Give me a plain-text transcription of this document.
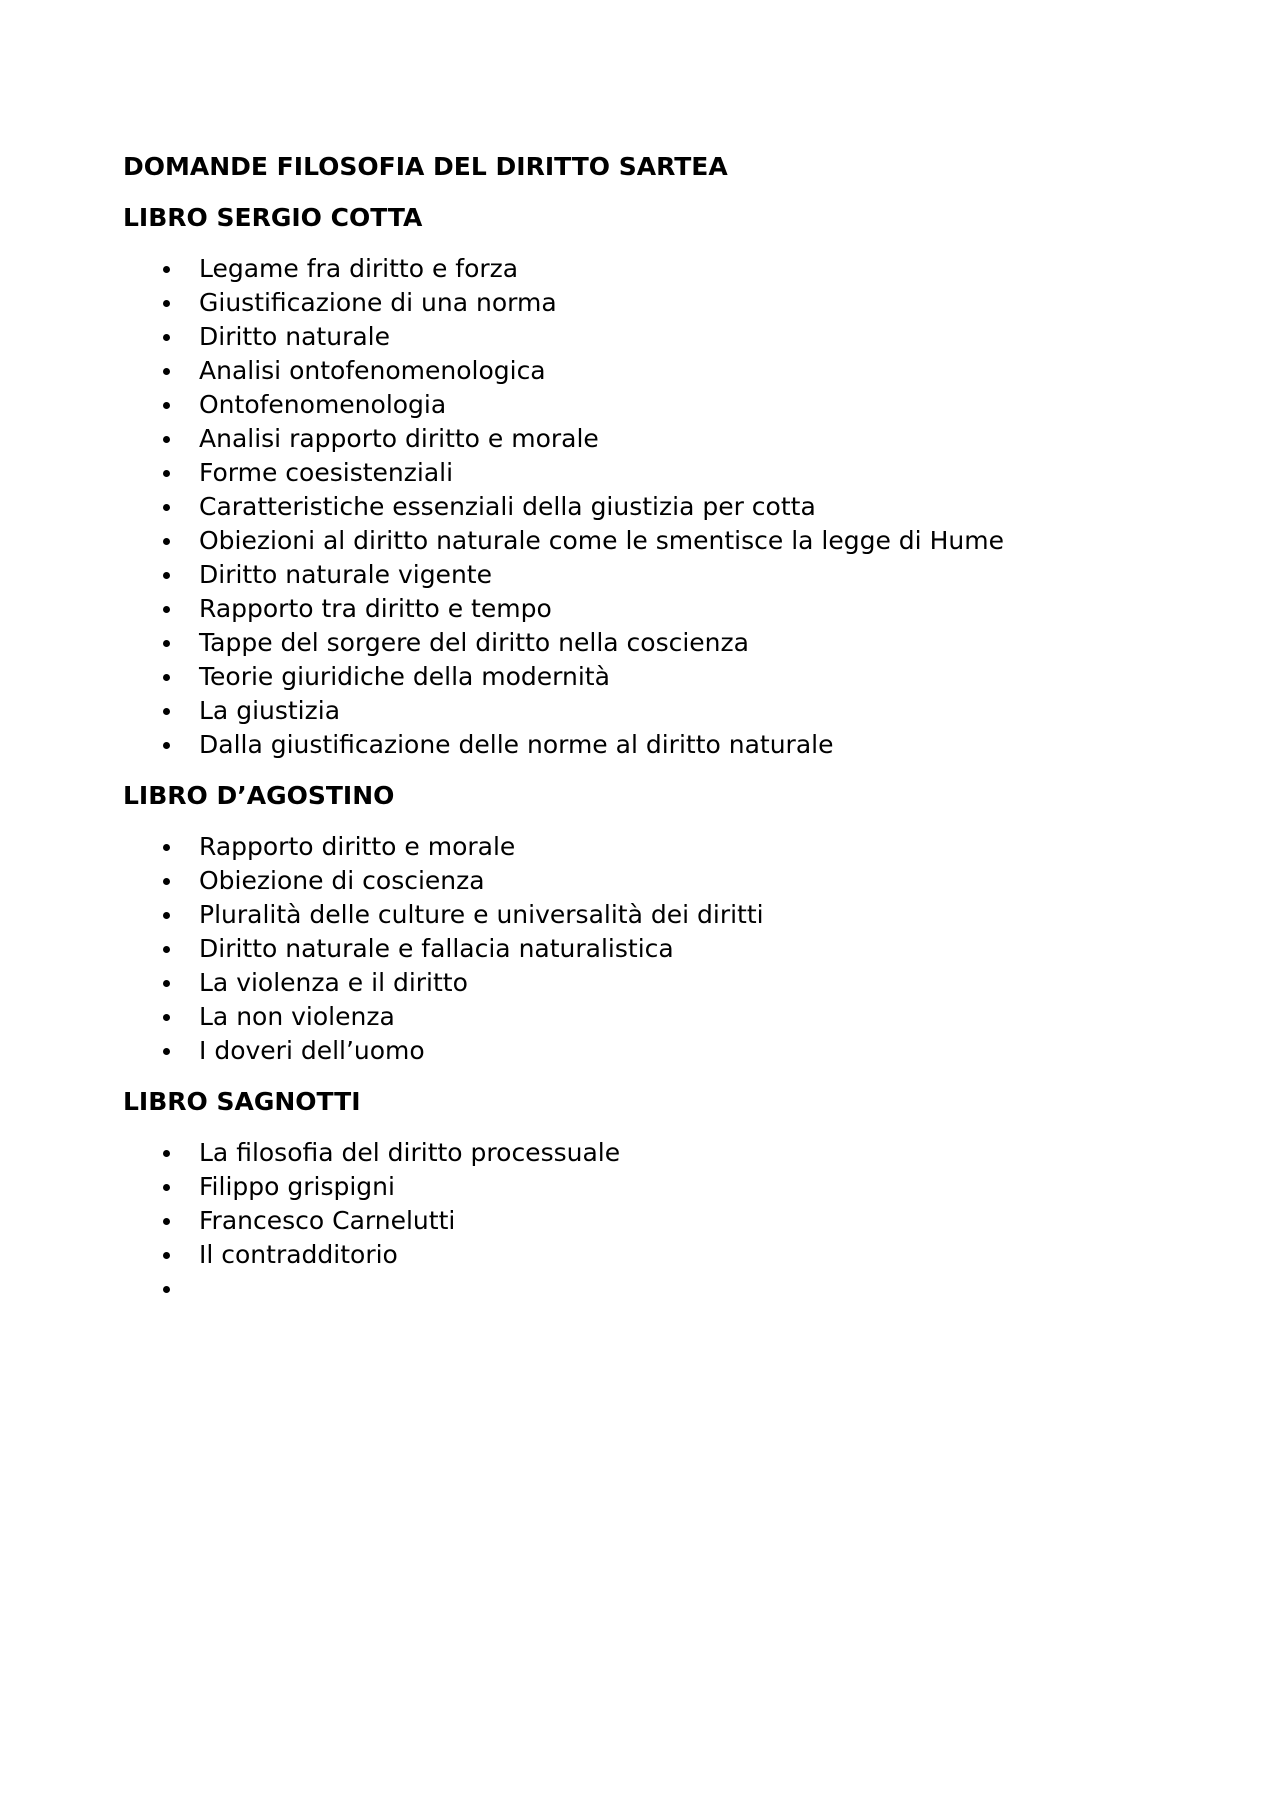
DOMANDE FILOSOFIA DEL DIRITTO SARTEA
LIBRO SERGIO COTTA
Legame fra diritto e forza
Giustificazione di una norma
Diritto naturale
Analisi ontofenomenologica
Ontofenomenologia
Analisi rapporto diritto e morale
Forme coesistenziali
Caratteristiche essenziali della giustizia per cotta
Obiezioni al diritto naturale come le smentisce la legge di Hume
Diritto naturale vigente
Rapporto tra diritto e tempo
Tappe del sorgere del diritto nella coscienza
Teorie giuridiche della modernità
La giustizia
Dalla giustificazione delle norme al diritto naturale
LIBRO D’AGOSTINO
Rapporto diritto e morale
Obiezione di coscienza
Pluralità delle culture e universalità dei diritti
Diritto naturale e fallacia naturalistica
La violenza e il diritto
La non violenza
I doveri dell’uomo
LIBRO SAGNOTTI
La filosofia del diritto processuale
Filippo grispigni
Francesco Carnelutti
Il contradditorio
